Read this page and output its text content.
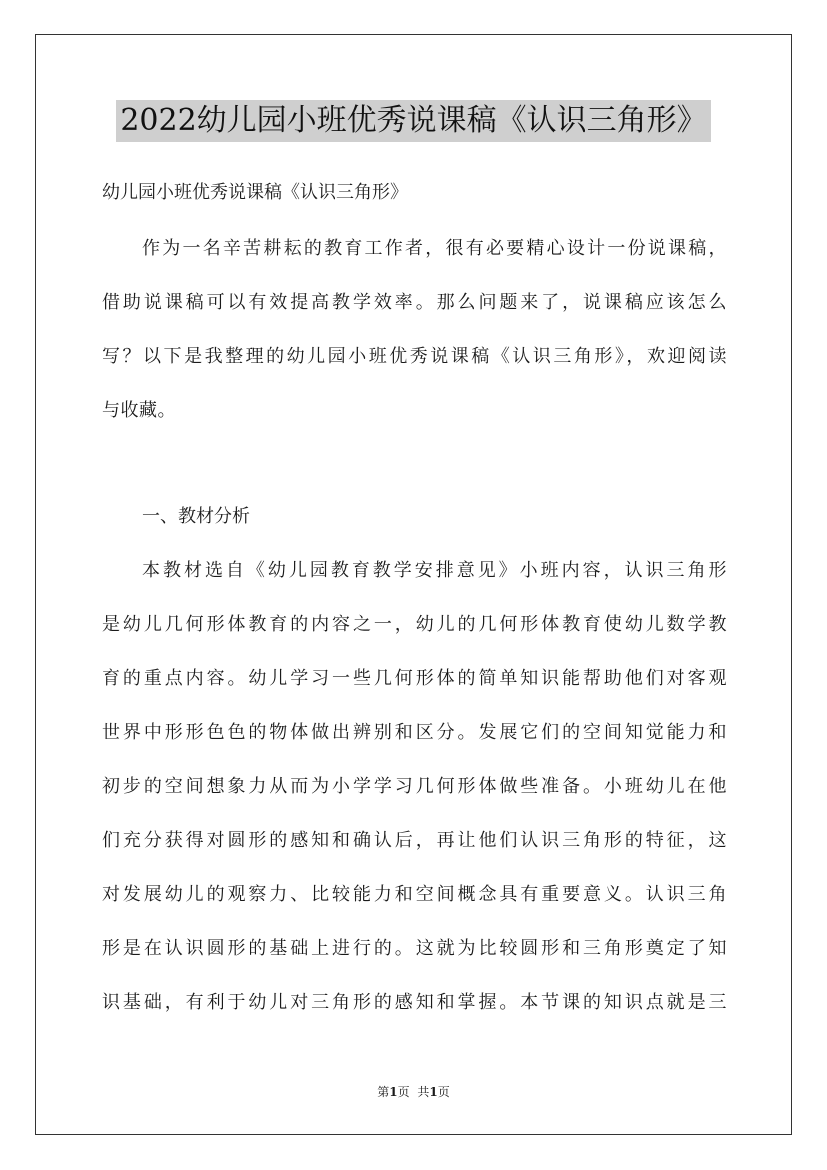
2022幼儿园小班优秀说课稿《认识三角形》
幼儿园小班优秀说课稿《认识三角形》

作为一名辛苦耕耘的教育工作者，很有必要精心设计一份说课稿，
借助说课稿可以有效提高教学效率。那么问题来了，说课稿应该怎么
写？以下是我整理的幼儿园小班优秀说课稿《认识三角形》，欢迎阅读
与收藏。

一、教材分析

本教材选自《幼儿园教育教学安排意见》小班内容，认识三角形
是幼儿几何形体教育的内容之一，幼儿的几何形体教育使幼儿数学教
育的重点内容。幼儿学习一些几何形体的简单知识能帮助他们对客观
世界中形形色色的物体做出辨别和区分。发展它们的空间知觉能力和
初步的空间想象力从而为小学学习几何形体做些准备。小班幼儿在他
们充分获得对圆形的感知和确认后，再让他们认识三角形的特征，这
对发展幼儿的观察力、比较能力和空间概念具有重要意义。认识三角
形是在认识圆形的基础上进行的。这就为比较圆形和三角形奠定了知
识基础，有利于幼儿对三角形的感知和掌握。本节课的知识点就是三

第1页 共1页
